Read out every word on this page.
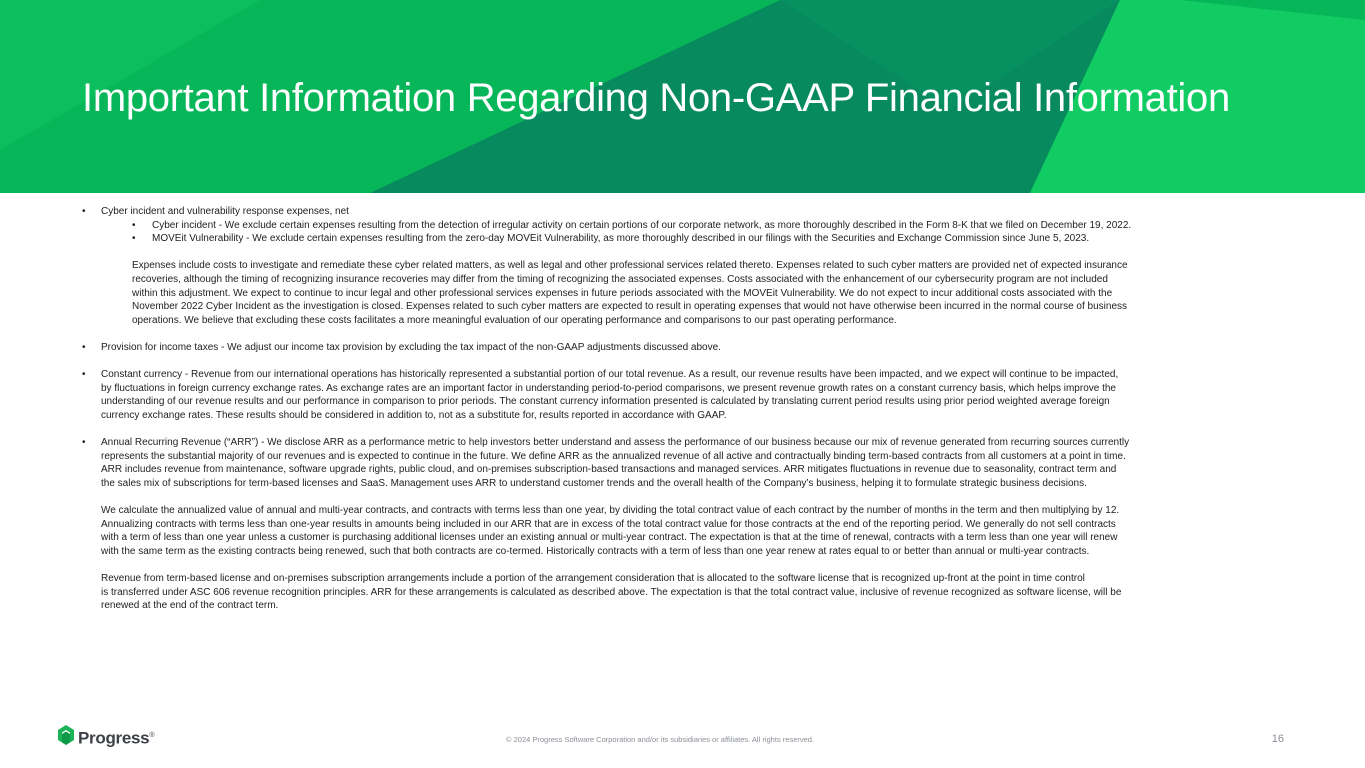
Important Information Regarding Non-GAAP Financial Information
• Cyber incident and vulnerability response expenses, net
• Cyber incident - We exclude certain expenses resulting from the detection of irregular activity on certain portions of our corporate network, as more thoroughly described in the Form 8-K that we filed on December 19, 2022.
• MOVEit Vulnerability - We exclude certain expenses resulting from the zero-day MOVEit Vulnerability, as more thoroughly described in our filings with the Securities and Exchange Commission since June 5, 2023.
Expenses include costs to investigate and remediate these cyber related matters, as well as legal and other professional services related thereto. Expenses related to such cyber matters are provided net of expected insurance
recoveries, although the timing of recognizing insurance recoveries may differ from the timing of recognizing the associated expenses. Costs associated with the enhancement of our cybersecurity program are not included
within this adjustment. We expect to continue to incur legal and other professional services expenses in future periods associated with the MOVEit Vulnerability. We do not expect to incur additional costs associated with the
November 2022 Cyber Incident as the investigation is closed. Expenses related to such cyber matters are expected to result in operating expenses that would not have otherwise been incurred in the normal course of business
operations. We believe that excluding these costs facilitates a more meaningful evaluation of our operating performance and comparisons to our past operating performance.
• Provision for income taxes - We adjust our income tax provision by excluding the tax impact of the non-GAAP adjustments discussed above.
• Constant currency - Revenue from our international operations has historically represented a substantial portion of our total revenue. As a result, our revenue results have been impacted, and we expect will continue to be impacted,
by fluctuations in foreign currency exchange rates. As exchange rates are an important factor in understanding period-to-period comparisons, we present revenue growth rates on a constant currency basis, which helps improve the
understanding of our revenue results and our performance in comparison to prior periods. The constant currency information presented is calculated by translating current period results using prior period weighted average foreign
currency exchange rates. These results should be considered in addition to, not as a substitute for, results reported in accordance with GAAP.
• Annual Recurring Revenue (“ARR”) - We disclose ARR as a performance metric to help investors better understand and assess the performance of our business because our mix of revenue generated from recurring sources currently
represents the substantial majority of our revenues and is expected to continue in the future. We define ARR as the annualized revenue of all active and contractually binding term-based contracts from all customers at a point in time.
ARR includes revenue from maintenance, software upgrade rights, public cloud, and on-premises subscription-based transactions and managed services. ARR mitigates fluctuations in revenue due to seasonality, contract term and
the sales mix of subscriptions for term-based licenses and SaaS. Management uses ARR to understand customer trends and the overall health of the Company’s business, helping it to formulate strategic business decisions.
We calculate the annualized value of annual and multi-year contracts, and contracts with terms less than one year, by dividing the total contract value of each contract by the number of months in the term and then multiplying by 12.
Annualizing contracts with terms less than one-year results in amounts being included in our ARR that are in excess of the total contract value for those contracts at the end of the reporting period. We generally do not sell contracts
with a term of less than one year unless a customer is purchasing additional licenses under an existing annual or multi-year contract. The expectation is that at the time of renewal, contracts with a term less than one year will renew
with the same term as the existing contracts being renewed, such that both contracts are co-termed. Historically contracts with a term of less than one year renew at rates equal to or better than annual or multi-year contracts.
Revenue from term-based license and on-premises subscription arrangements include a portion of the arrangement consideration that is allocated to the software license that is recognized up-front at the point in time control
is transferred under ASC 606 revenue recognition principles. ARR for these arrangements is calculated as described above. The expectation is that the total contract value, inclusive of revenue recognized as software license, will be
renewed at the end of the contract term.
Progress®	© 2024 Progress Software Corporation and/or its subsidiaries or affiliates. All rights reserved.	16
